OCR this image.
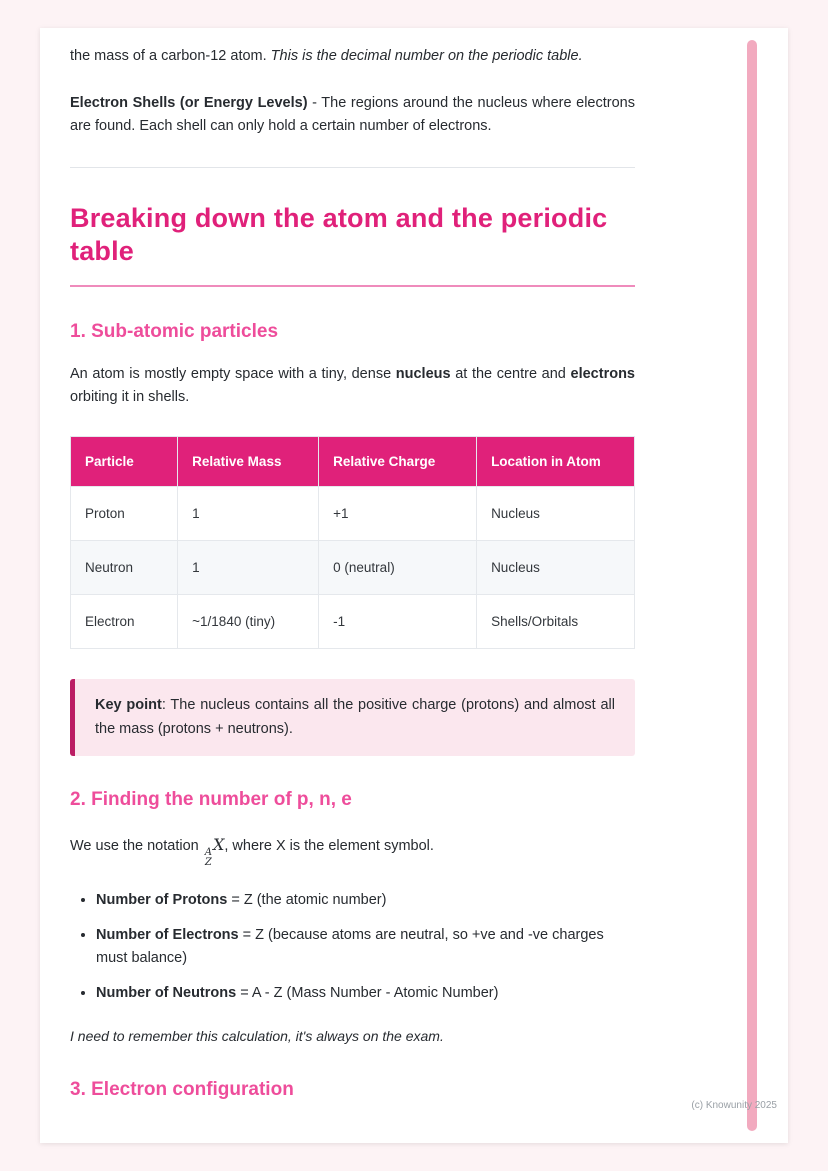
the mass of a carbon-12 atom. This is the decimal number on the periodic table.

Electron Shells (or Energy Levels) - The regions around the nucleus where electrons are found. Each shell can only hold a certain number of electrons.

Breaking down the atom and the periodic table
1. Sub-atomic particles

An atom is mostly empty space with a tiny, dense nucleus at the centre and electrons orbiting it in shells.

Particle	Relative Mass	Relative Charge	Location in Atom
Proton	1	+1	Nucleus
Neutron	1	0 (neutral)	Nucleus
Electron	~1/1840 (tiny)	-1	Shells/Orbitals
Key point: The nucleus contains all the positive charge (protons) and almost all the mass (protons + neutrons).
2. Finding the number of p, n, e

We use the notation A
Z
X, where X is the element symbol.

• Number of Protons = Z (the atomic number)
• Number of Electrons = Z (because atoms are neutral, so +ve and -ve charges must balance)
• Number of Neutrons = A - Z (Mass Number - Atomic Number)

I need to remember this calculation, it's always on the exam.

3. Electron configuration
(c) Knowunity 2025
